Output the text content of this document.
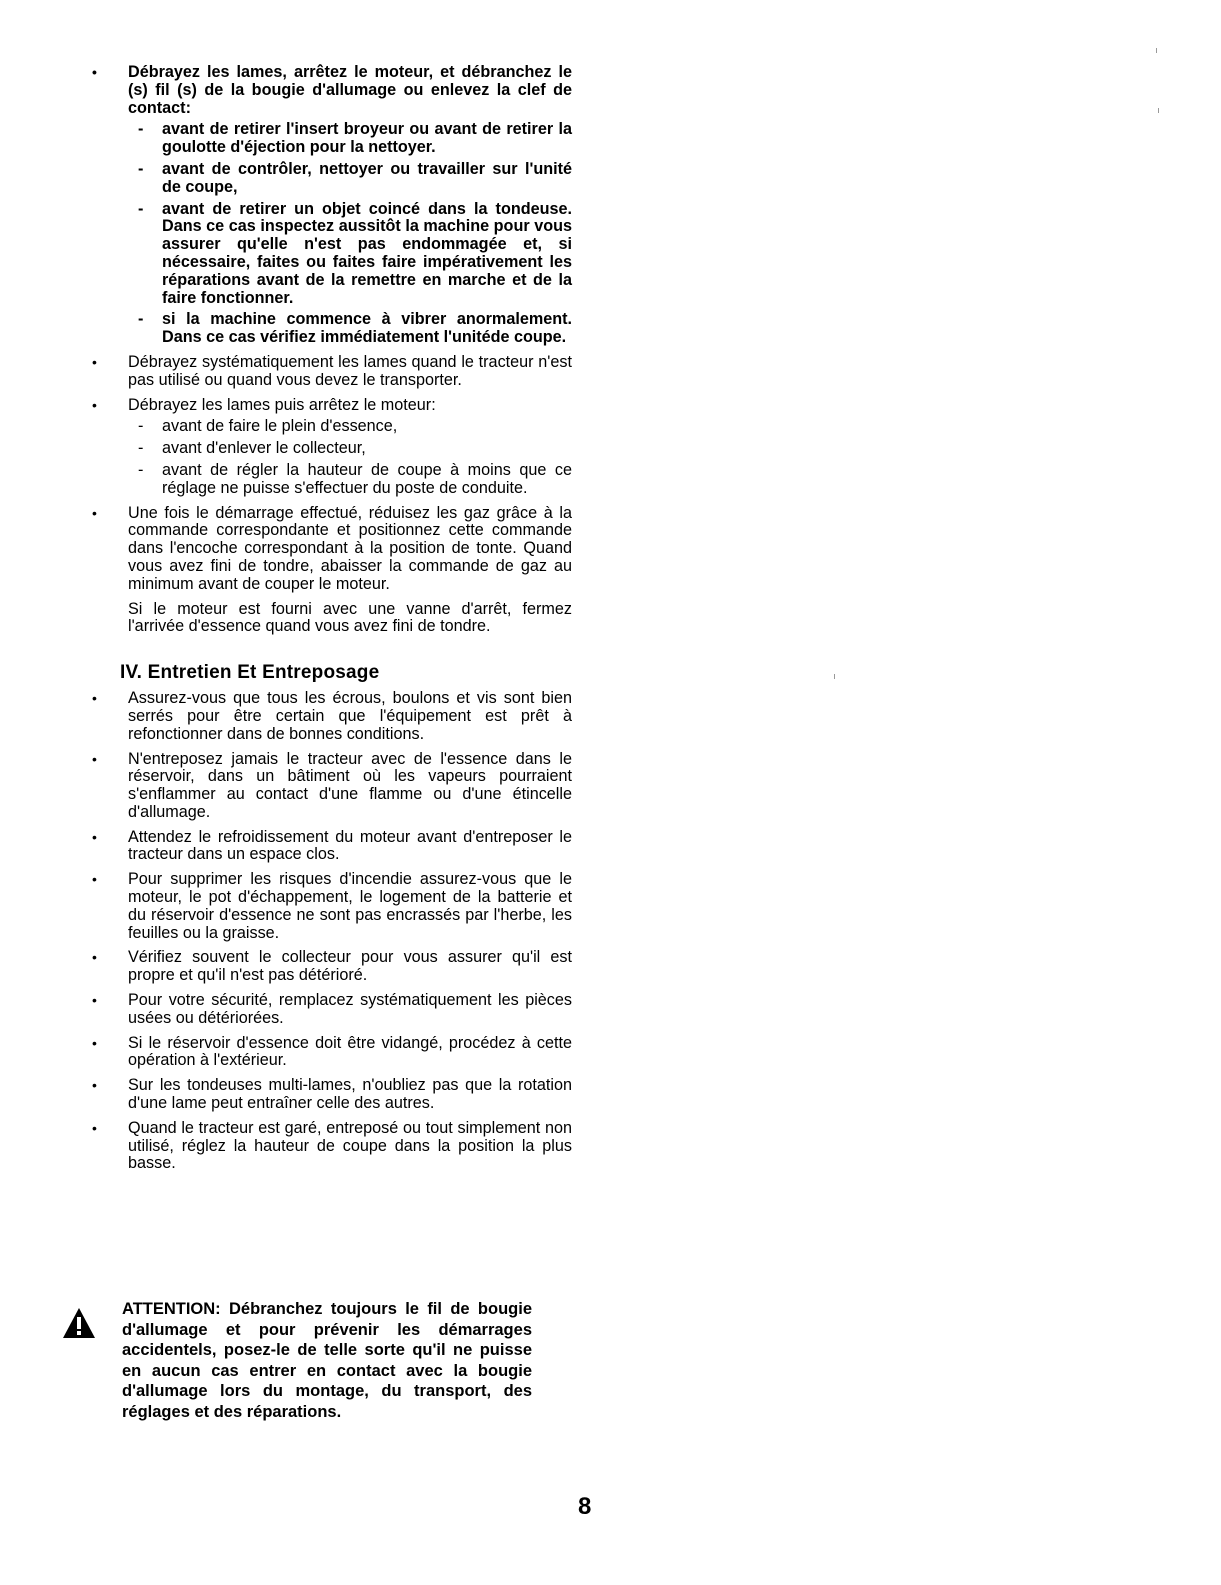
• Débrayez les lames, arrêtez le moteur, et débranchez le (s) fil (s) de la bougie d'allumage ou enlevez la clef de contact:
- avant de retirer l'insert broyeur ou avant de retirer la goulotte d'éjection pour la nettoyer.
- avant de contrôler, nettoyer ou travailler sur l'unité de coupe,
- avant de retirer un objet coincé dans la tondeuse. Dans ce cas inspectez aussitôt la machine pour vous assurer qu'elle n'est pas endommagée et, si nécessaire, faites ou faites faire impérativement les réparations avant de la remettre en marche et de la faire fonctionner.
- si la machine commence à vibrer anormalement. Dans ce cas vérifiez immédiatement l'unitéde coupe.
• Débrayez systématiquement les lames quand le tracteur n'est pas utilisé ou quand vous devez le transporter.
• Débrayez les lames puis arrêtez le moteur:
- avant de faire le plein d'essence,
- avant d'enlever le collecteur,
- avant de régler la hauteur de coupe à moins que ce réglage ne puisse s'effectuer du poste de conduite.
• Une fois le démarrage effectué, réduisez les gaz grâce à la commande correspondante et positionnez cette commande dans l'encoche correspondant à la position de tonte. Quand vous avez fini de tondre, abaisser la commande de gaz au minimum avant de couper le moteur.

Si le moteur est fourni avec une vanne d'arrêt, fermez l'arrivée d'essence quand vous avez fini de tondre.

IV. Entretien Et Entreposage
• Assurez-vous que tous les écrous, boulons et vis sont bien serrés pour être certain que l'équipement est prêt à refonctionner dans de bonnes conditions.
• N'entreposez jamais le tracteur avec de l'essence dans le réservoir, dans un bâtiment où les vapeurs pourraient s'enflammer au contact d'une flamme ou d'une étincelle d'allumage.
• Attendez le refroidissement du moteur avant d'entreposer le tracteur dans un espace clos.
• Pour supprimer les risques d'incendie assurez-vous que le moteur, le pot d'échappement, le logement de la batterie et du réservoir d'essence ne sont pas encrassés par l'herbe, les feuilles ou la graisse.
• Vérifiez souvent le collecteur pour vous assurer qu'il est propre et qu'il n'est pas détérioré.
• Pour votre sécurité, remplacez systématiquement les pièces usées ou détériorées.
• Si le réservoir d'essence doit être vidangé, procédez à cette opération à l'extérieur.
• Sur les tondeuses multi-lames, n'oubliez pas que la rotation d'une lame peut entraîner celle des autres.
• Quand le tracteur est garé, entreposé ou tout simplement non utilisé, réglez la hauteur de coupe dans la position la plus basse.
ATTENTION: Débranchez toujours le fil de bougie d'allumage et pour prévenir les démarrages accidentels, posez-le de telle sorte qu'il ne puisse en aucun cas entrer en contact avec la bougie d'allumage lors du montage, du transport, des réglages et des réparations.
8
